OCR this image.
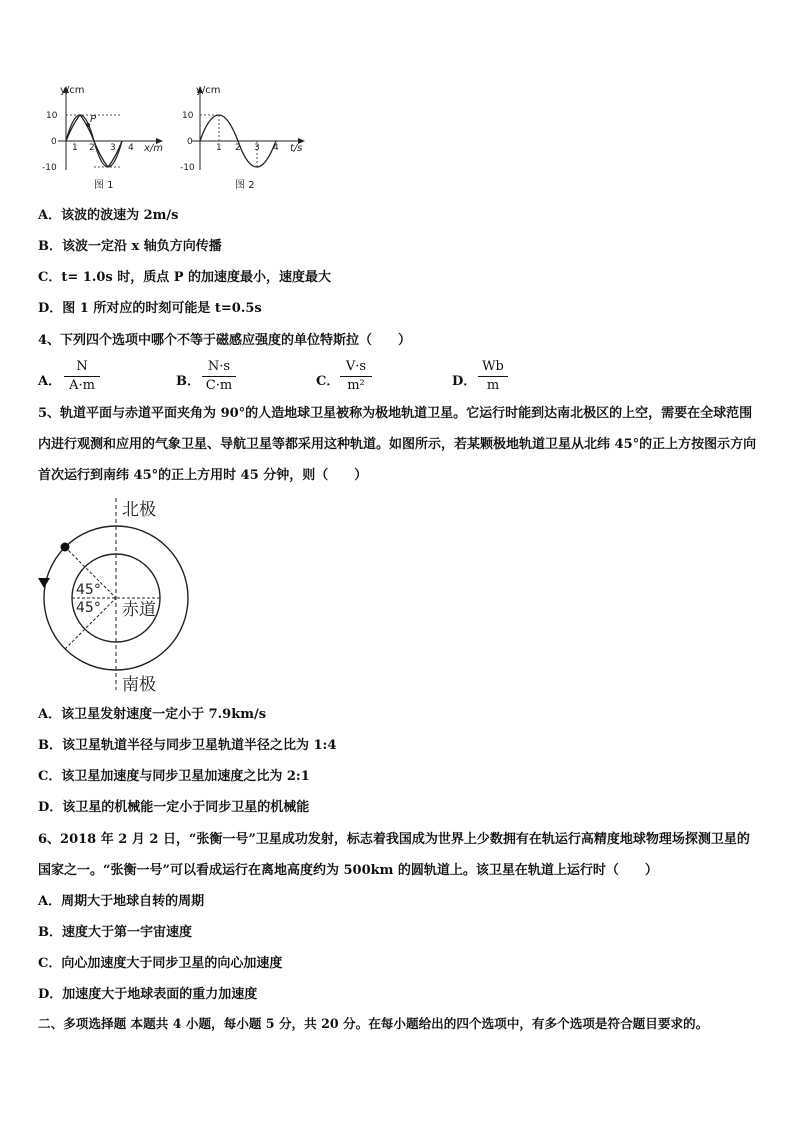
P
y/cm
x/m
10
0
-10
1 2 3 4
图 1
y/cm
t/s
10
0
-10
1 2 3 4
图 2
A．该波的波速为 2m/s
B．该波一定沿 x 轴负方向传播
C．t= 1.0s 时，质点 P 的加速度最小，速度最大
D．图 1 所对应的时刻可能是 t=0.5s
4、下列四个选项中哪个不等于磁感应强度的单位特斯拉（　　）
A．
N
A·m	B．
N·s
C·m	C．
V·s
m²	D．
Wb
m
5、轨道平面与赤道平面夹角为 90°的人造地球卫星被称为极地轨道卫星。它运行时能到达南北极区的上空，需要在全球范围内进行观测和应用的气象卫星、导航卫星等都采用这种轨道。如图所示，若某颗极地轨道卫星从北纬 45°的正上方按图示方向首次运行到南纬 45°的正上方用时 45 分钟，则（　　）
北极
南极
赤道
45°
45°
A．该卫星发射速度一定小于 7.9km/s
B．该卫星轨道半径与同步卫星轨道半径之比为 1:4
C．该卫星加速度与同步卫星加速度之比为 2:1
D．该卫星的机械能一定小于同步卫星的机械能
6、2018 年 2 月 2 日，“张衡一号”卫星成功发射，标志着我国成为世界上少数拥有在轨运行高精度地球物理场探测卫星的国家之一。“张衡一号”可以看成运行在离地高度约为 500km 的圆轨道上。该卫星在轨道上运行时（　　）
A．周期大于地球自转的周期
B．速度大于第一宇宙速度
C．向心加速度大于同步卫星的向心加速度
D．加速度大于地球表面的重力加速度
二、多项选择题 本题共 4 小题，每小题 5 分，共 20 分。在每小题给出的四个选项中，有多个选项是符合题目要求的。
